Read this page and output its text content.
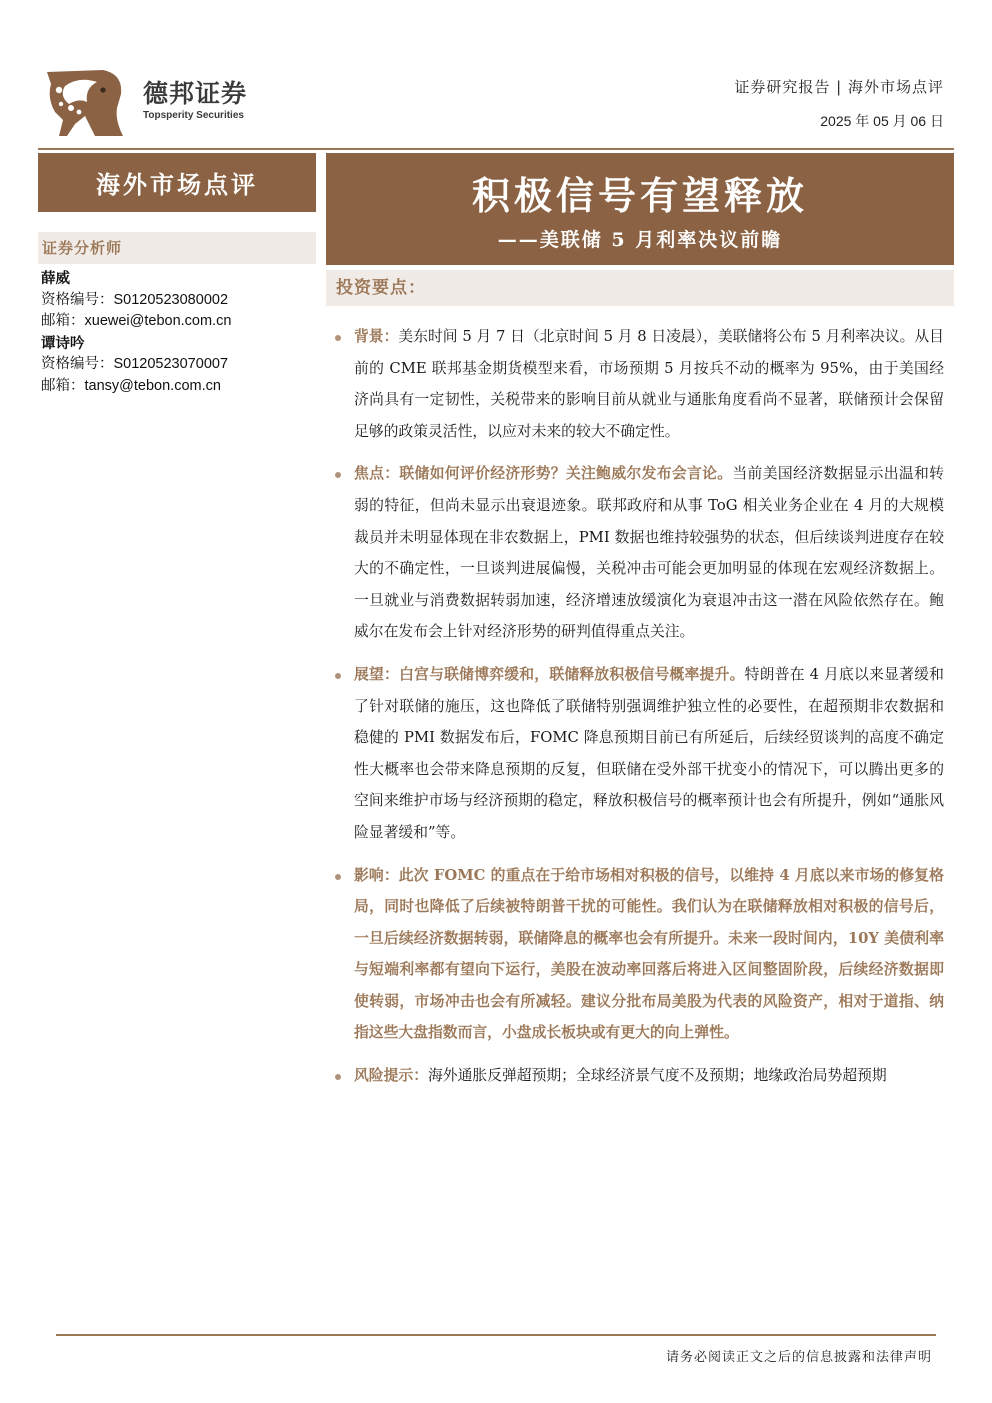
德邦证券
Topsperity Securities
证券研究报告 | 海外市场点评
2025 年 05 月 06 日
海外市场点评	积极信号有望释放
——美联储 5 月利率决议前瞻
证券分析师
薛威
资格编号：S0120523080002
邮箱：xuewei@tebon.com.cn
谭诗吟
资格编号：S0120523070007
邮箱：tansy@tebon.com.cn
投资要点：
背景：美东时间 5 月 7 日（北京时间 5 月 8 日凌晨），美联储将公布 5 月利率决议。从目前的 CME 联邦基金期货模型来看，市场预期 5 月按兵不动的概率为 95%，由于美国经济尚具有一定韧性，关税带来的影响目前从就业与通胀角度看尚不显著，联储预计会保留足够的政策灵活性，以应对未来的较大不确定性。
焦点：联储如何评价经济形势？关注鲍威尔发布会言论。当前美国经济数据显示出温和转弱的特征，但尚未显示出衰退迹象。联邦政府和从事 ToG 相关业务企业在 4 月的大规模裁员并未明显体现在非农数据上，PMI 数据也维持较强势的状态，但后续谈判进度存在较大的不确定性，一旦谈判进展偏慢，关税冲击可能会更加明显的体现在宏观经济数据上。一旦就业与消费数据转弱加速，经济增速放缓演化为衰退冲击这一潜在风险依然存在。鲍威尔在发布会上针对经济形势的研判值得重点关注。
展望：白宫与联储博弈缓和，联储释放积极信号概率提升。特朗普在 4 月底以来显著缓和了针对联储的施压，这也降低了联储特别强调维护独立性的必要性，在超预期非农数据和稳健的 PMI 数据发布后，FOMC 降息预期目前已有所延后，后续经贸谈判的高度不确定性大概率也会带来降息预期的反复，但联储在受外部干扰变小的情况下，可以腾出更多的空间来维护市场与经济预期的稳定，释放积极信号的概率预计也会有所提升，例如“通胀风险显著缓和”等。
影响：此次 FOMC 的重点在于给市场相对积极的信号，以维持 4 月底以来市场的修复格局，同时也降低了后续被特朗普干扰的可能性。我们认为在联储释放相对积极的信号后，一旦后续经济数据转弱，联储降息的概率也会有所提升。未来一段时间内，10Y 美债利率与短端利率都有望向下运行，美股在波动率回落后将进入区间整固阶段，后续经济数据即使转弱，市场冲击也会有所减轻。建议分批布局美股为代表的风险资产，相对于道指、纳指这些大盘指数而言，小盘成长板块或有更大的向上弹性。
风险提示：海外通胀反弹超预期；全球经济景气度不及预期；地缘政治局势超预期
请务必阅读正文之后的信息披露和法律声明
